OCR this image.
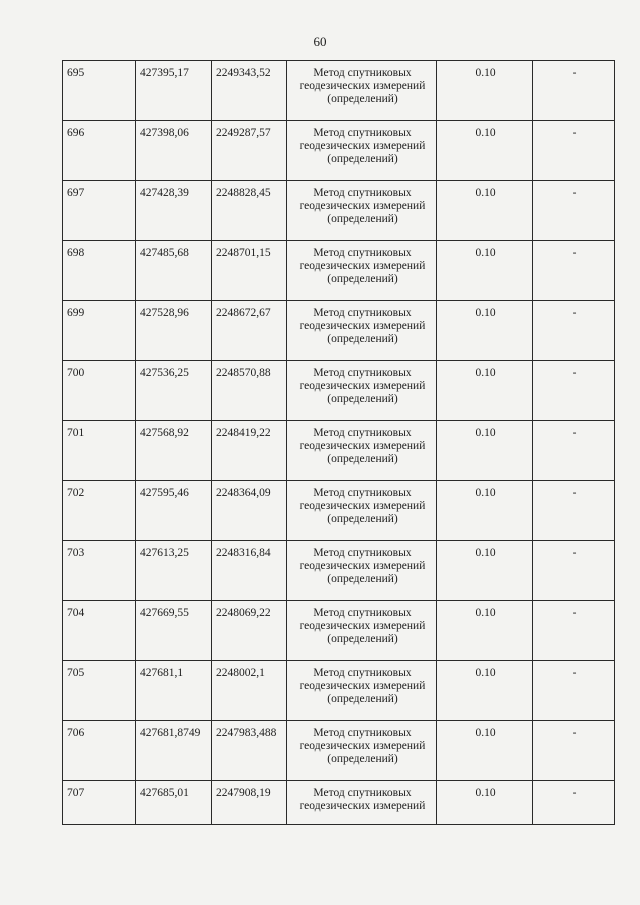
60
695	427395,17	2249343,52	Метод спутниковых
геодезических измерений
(определений)	0.10	-
696	427398,06	2249287,57	Метод спутниковых
геодезических измерений
(определений)	0.10	-
697	427428,39	2248828,45	Метод спутниковых
геодезических измерений
(определений)	0.10	-
698	427485,68	2248701,15	Метод спутниковых
геодезических измерений
(определений)	0.10	-
699	427528,96	2248672,67	Метод спутниковых
геодезических измерений
(определений)	0.10	-
700	427536,25	2248570,88	Метод спутниковых
геодезических измерений
(определений)	0.10	-
701	427568,92	2248419,22	Метод спутниковых
геодезических измерений
(определений)	0.10	-
702	427595,46	2248364,09	Метод спутниковых
геодезических измерений
(определений)	0.10	-
703	427613,25	2248316,84	Метод спутниковых
геодезических измерений
(определений)	0.10	-
704	427669,55	2248069,22	Метод спутниковых
геодезических измерений
(определений)	0.10	-
705	427681,1	2248002,1	Метод спутниковых
геодезических измерений
(определений)	0.10	-
706	427681,8749	2247983,488	Метод спутниковых
геодезических измерений
(определений)	0.10	-
707	427685,01	2247908,19	Метод спутниковых
геодезических измерений	0.10	-
